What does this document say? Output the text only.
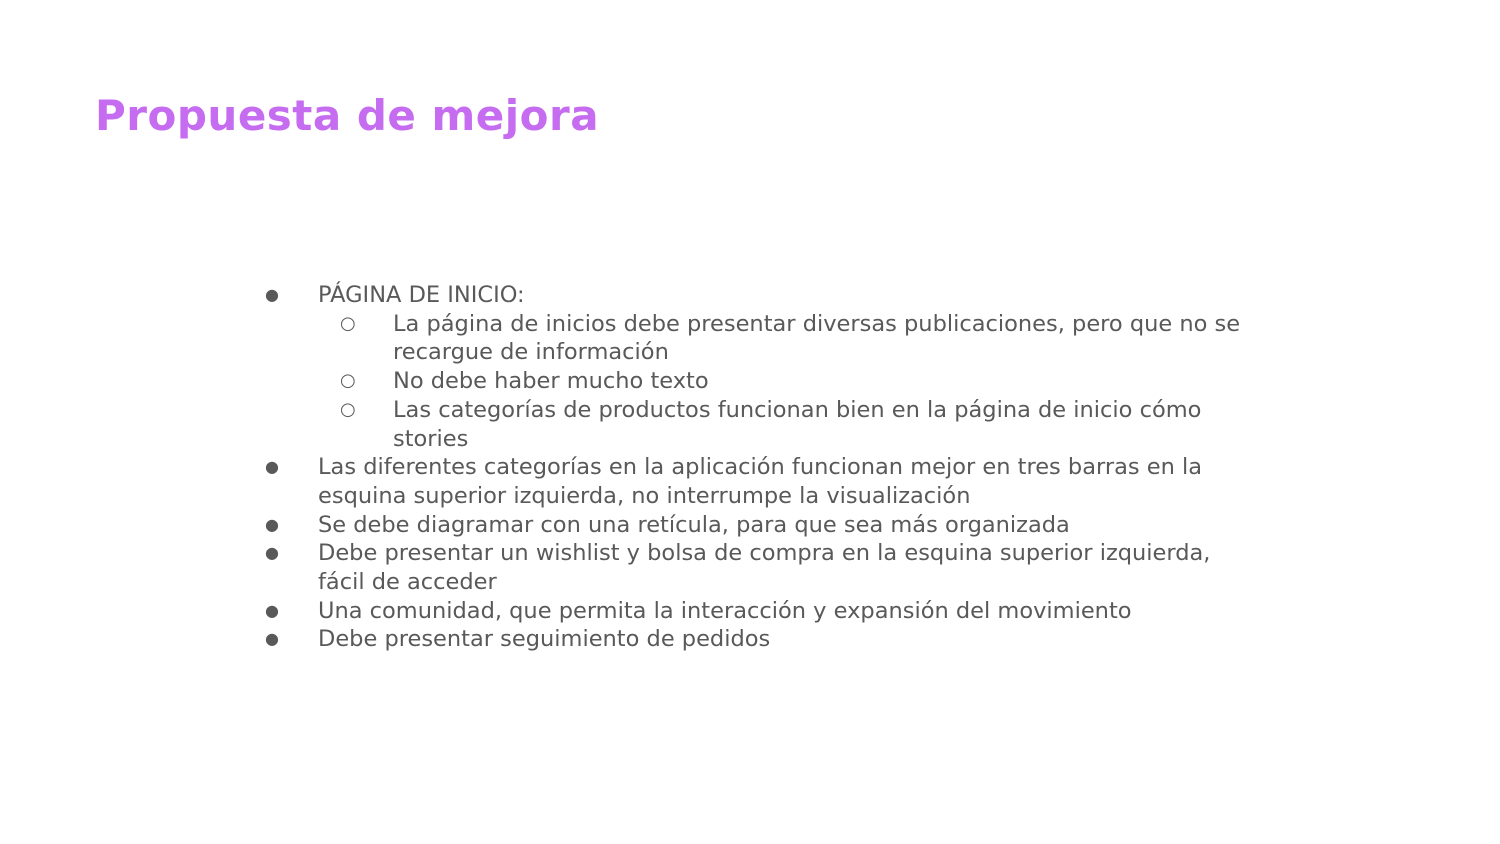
Propuesta de mejora
● PÁGINA DE INICIO:
○ La página de inicios debe presentar diversas publicaciones, pero que no se recargue de información
○ No debe haber mucho texto
○ Las categorías de productos funcionan bien en la página de inicio cómo stories
● Las diferentes categorías en la aplicación funcionan mejor en tres barras en la esquina superior izquierda, no interrumpe la visualización
● Se debe diagramar con una retícula, para que sea más organizada
● Debe presentar un wishlist y bolsa de compra en la esquina superior izquierda, fácil de acceder
● Una comunidad, que permita la interacción y expansión del movimiento
● Debe presentar seguimiento de pedidos
